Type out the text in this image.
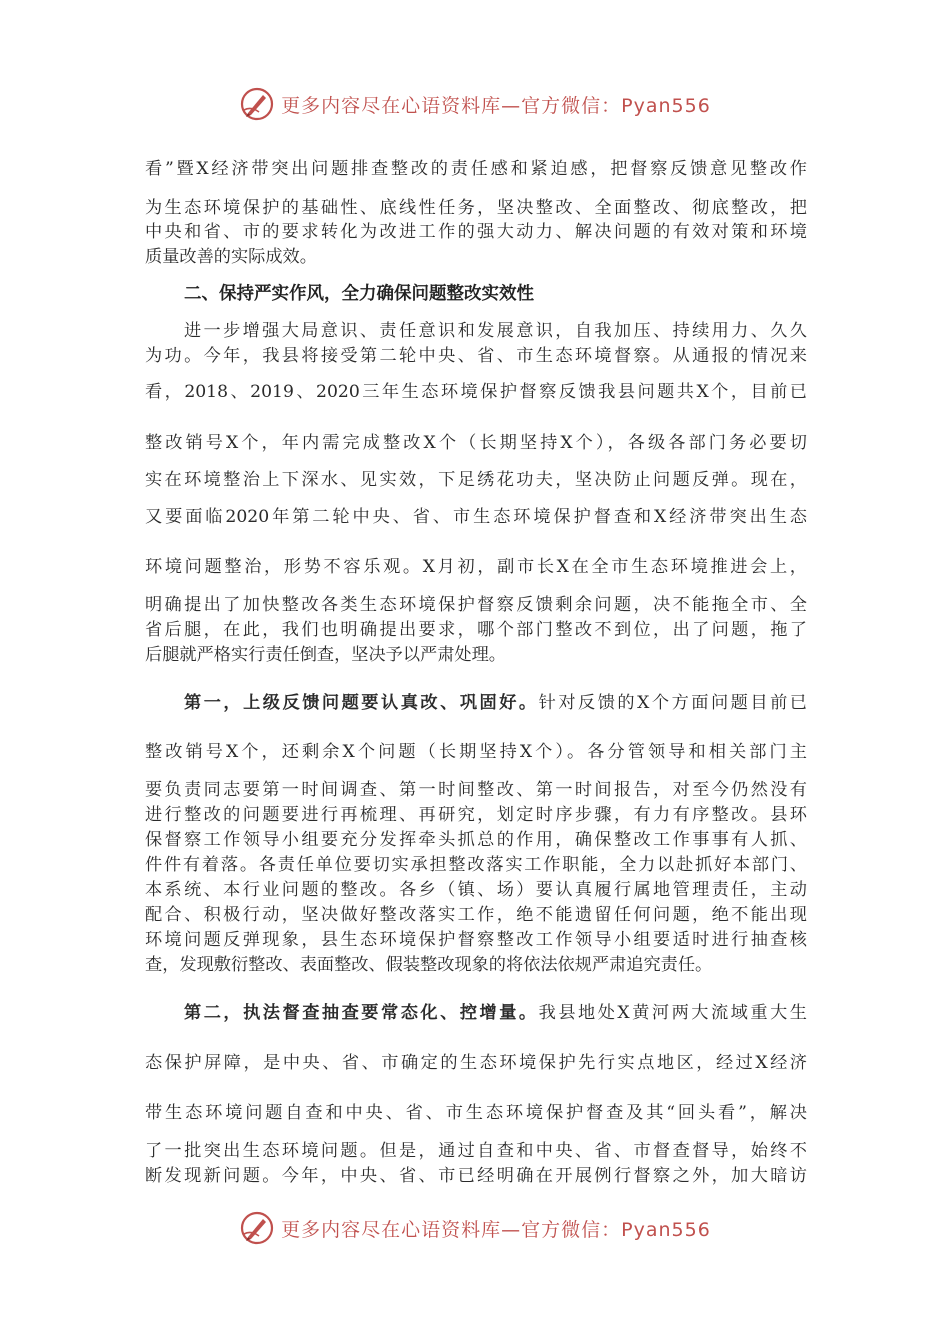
更多内容尽在心语资料库—官方微信：Pyan556
看”暨X经济带突出问题排查整改的责任感和紧迫感，把督察反馈意见整改作
为生态环境保护的基础性、底线性任务，坚决整改、全面整改、彻底整改，把
中央和省、市的要求转化为改进工作的强大动力、解决问题的有效对策和环境
质量改善的实际成效。
二、保持严实作风，全力确保问题整改实效性
进一步增强大局意识、责任意识和发展意识，自我加压、持续用力、久久
为功。今年，我县将接受第二轮中央、省、市生态环境督察。从通报的情况来
看，2018、2019、2020三年生态环境保护督察反馈我县问题共X个，目前已
整改销号X个，年内需完成整改X个（长期坚持X个），各级各部门务必要切
实在环境整治上下深水、见实效，下足绣花功夫，坚决防止问题反弹。现在，
又要面临2020年第二轮中央、省、市生态环境保护督查和X经济带突出生态
环境问题整治，形势不容乐观。X月初，副市长X在全市生态环境推进会上，
明确提出了加快整改各类生态环境保护督察反馈剩余问题，决不能拖全市、全
省后腿，在此，我们也明确提出要求，哪个部门整改不到位，出了问题，拖了
后腿就严格实行责任倒查，坚决予以严肃处理。
第一，上级反馈问题要认真改、巩固好。针对反馈的X个方面问题目前已
整改销号X个，还剩余X个问题（长期坚持X个）。各分管领导和相关部门主
要负责同志要第一时间调查、第一时间整改、第一时间报告，对至今仍然没有
进行整改的问题要进行再梳理、再研究，划定时序步骤，有力有序整改。县环
保督察工作领导小组要充分发挥牵头抓总的作用，确保整改工作事事有人抓、
件件有着落。各责任单位要切实承担整改落实工作职能，全力以赴抓好本部门、
本系统、本行业问题的整改。各乡（镇、场）要认真履行属地管理责任，主动
配合、积极行动，坚决做好整改落实工作，绝不能遗留任何问题，绝不能出现
环境问题反弹现象，县生态环境保护督察整改工作领导小组要适时进行抽查核
查，发现敷衍整改、表面整改、假装整改现象的将依法依规严肃追究责任。
第二，执法督查抽查要常态化、控增量。我县地处X黄河两大流域重大生
态保护屏障，是中央、省、市确定的生态环境保护先行实点地区，经过X经济
带生态环境问题自查和中央、省、市生态环境保护督查及其“回头看”，解决
了一批突出生态环境问题。但是，通过自查和中央、省、市督查督导，始终不
断发现新问题。今年，中央、省、市已经明确在开展例行督察之外，加大暗访
更多内容尽在心语资料库—官方微信：Pyan556
